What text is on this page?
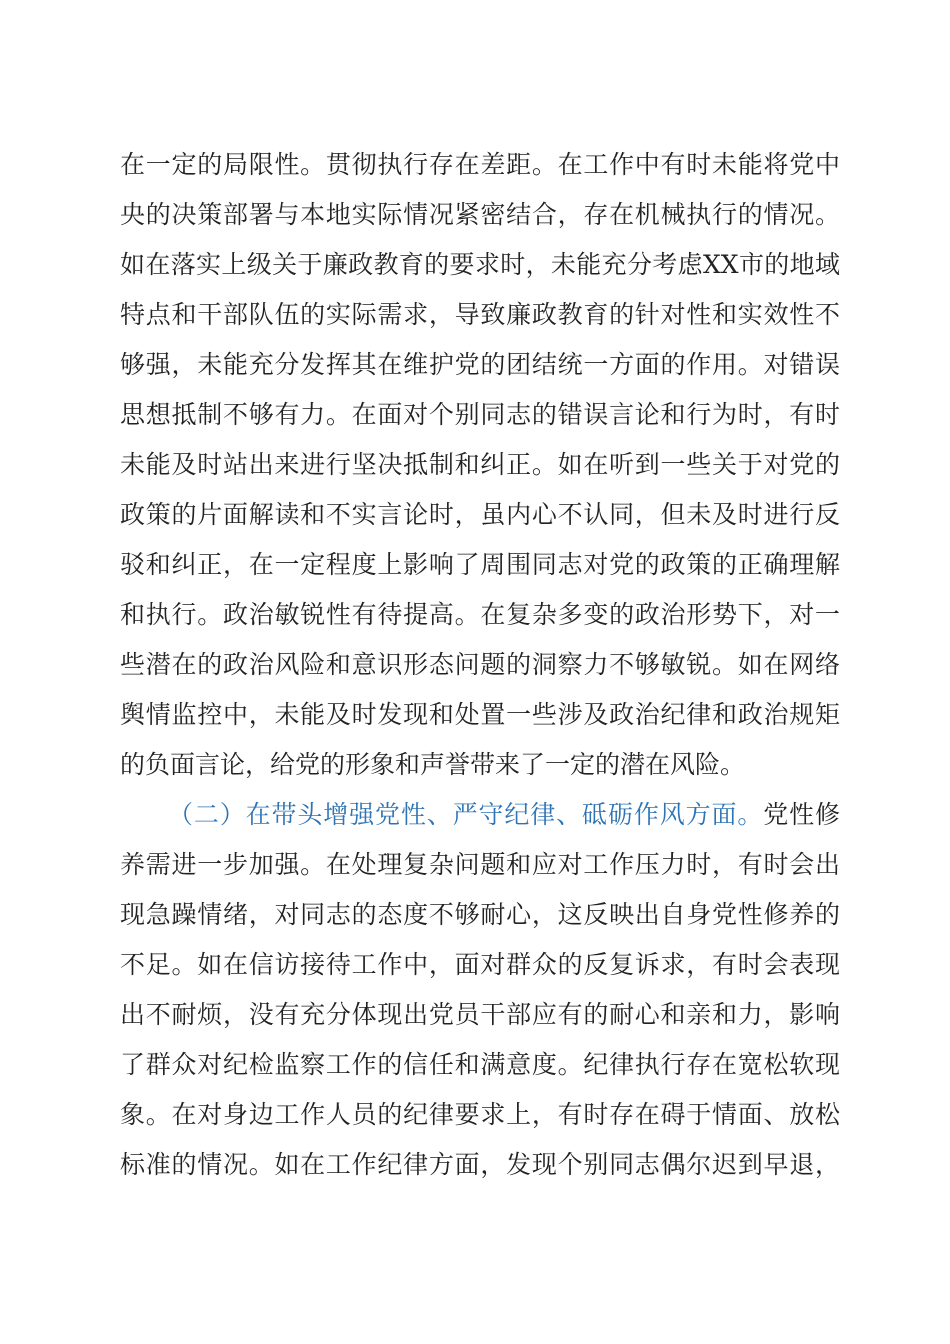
在一定的局限性。贯彻执行存在差距。在工作中有时未能将党中
央的决策部署与本地实际情况紧密结合，存在机械执行的情况。
如在落实上级关于廉政教育的要求时，未能充分考虑XX市的地域
特点和干部队伍的实际需求，导致廉政教育的针对性和实效性不
够强，未能充分发挥其在维护党的团结统一方面的作用。对错误
思想抵制不够有力。在面对个别同志的错误言论和行为时，有时
未能及时站出来进行坚决抵制和纠正。如在听到一些关于对党的
政策的片面解读和不实言论时，虽内心不认同，但未及时进行反
驳和纠正，在一定程度上影响了周围同志对党的政策的正确理解
和执行。政治敏锐性有待提高。在复杂多变的政治形势下，对一
些潜在的政治风险和意识形态问题的洞察力不够敏锐。如在网络
舆情监控中，未能及时发现和处置一些涉及政治纪律和政治规矩
的负面言论，给党的形象和声誉带来了一定的潜在风险。
（二）在带头增强党性、严守纪律、砥砺作风方面。党性修
养需进一步加强。在处理复杂问题和应对工作压力时，有时会出
现急躁情绪，对同志的态度不够耐心，这反映出自身党性修养的
不足。如在信访接待工作中，面对群众的反复诉求，有时会表现
出不耐烦，没有充分体现出党员干部应有的耐心和亲和力，影响
了群众对纪检监察工作的信任和满意度。纪律执行存在宽松软现
象。在对身边工作人员的纪律要求上，有时存在碍于情面、放松
标准的情况。如在工作纪律方面，发现个别同志偶尔迟到早退，
